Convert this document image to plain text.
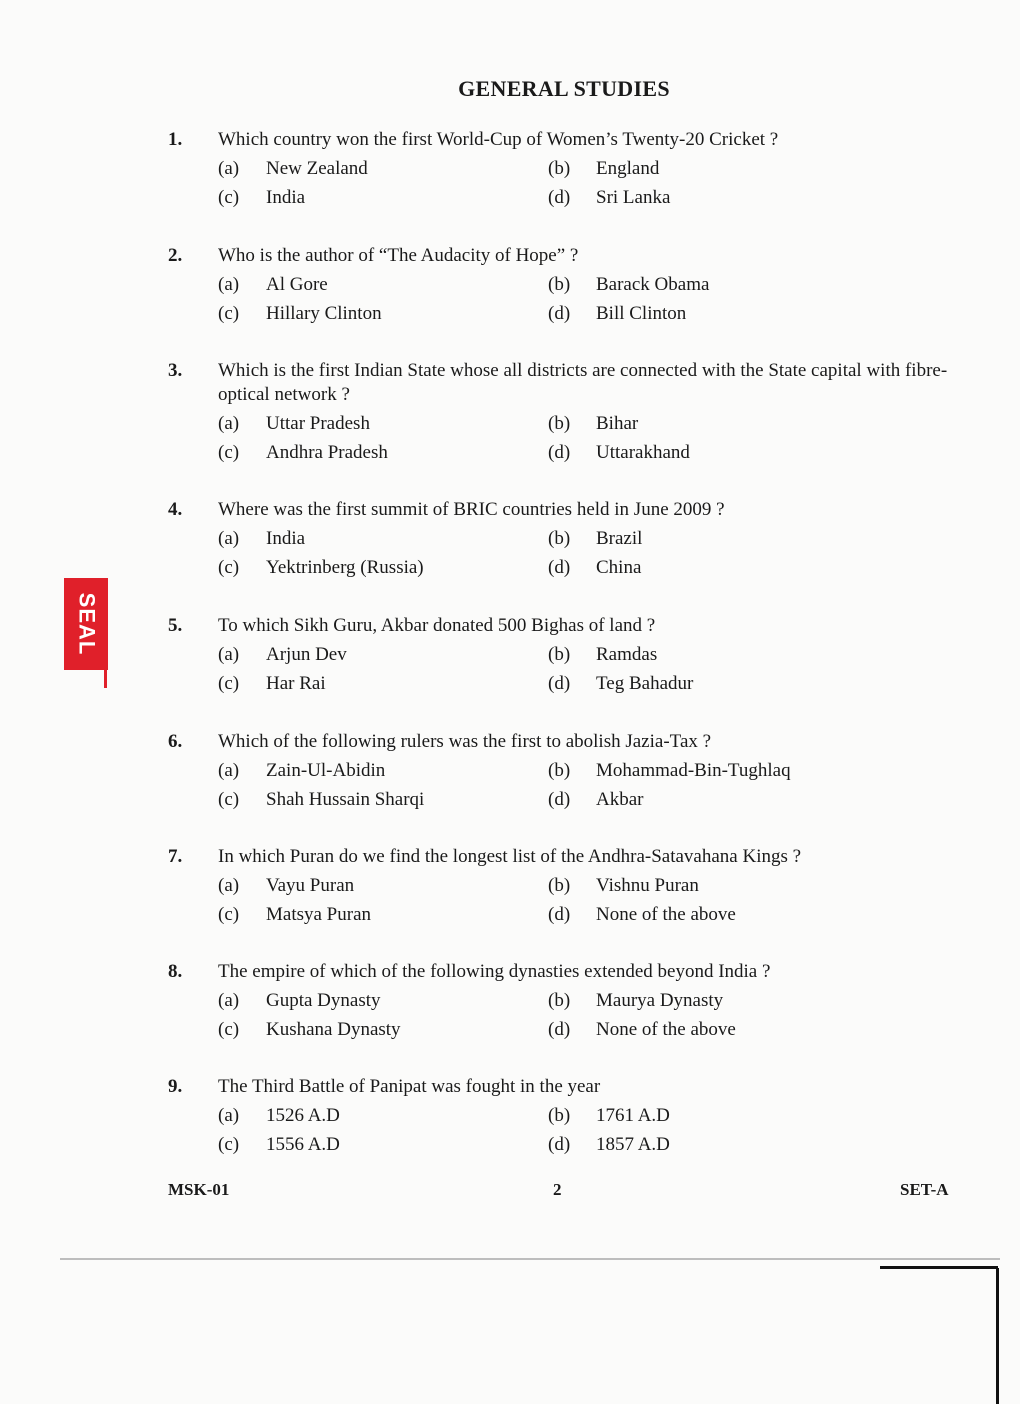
GENERAL STUDIES
SEAL
1.	Which country won the first World-Cup of Women’s Twenty-20 Cricket ?
(a)	New Zealand	(b)	England
(c)	India	(d)	Sri Lanka
2.	Who is the author of “The Audacity of Hope” ?
(a)	Al Gore	(b)	Barack Obama
(c)	Hillary Clinton	(d)	Bill Clinton
3.	Which is the first Indian State whose all districts are connected with the State capital with fibre-optical network ?
(a)	Uttar Pradesh	(b)	Bihar
(c)	Andhra Pradesh	(d)	Uttarakhand
4.	Where was the first summit of BRIC countries held in June 2009 ?
(a)	India	(b)	Brazil
(c)	Yektrinberg (Russia)	(d)	China
5.	To which Sikh Guru, Akbar donated 500 Bighas of land ?
(a)	Arjun Dev	(b)	Ramdas
(c)	Har Rai	(d)	Teg Bahadur
6.	Which of the following rulers was the first to abolish Jazia-Tax ?
(a)	Zain-Ul-Abidin	(b)	Mohammad-Bin-Tughlaq
(c)	Shah Hussain Sharqi	(d)	Akbar
7.	In which Puran do we find the longest list of the Andhra-Satavahana Kings ?
(a)	Vayu Puran	(b)	Vishnu Puran
(c)	Matsya Puran	(d)	None of the above
8.	The empire of which of the following dynasties extended beyond India ?
(a)	Gupta Dynasty	(b)	Maurya Dynasty
(c)	Kushana Dynasty	(d)	None of the above
9.	The Third Battle of Panipat was fought in the year
(a)	1526 A.D	(b)	1761 A.D
(c)	1556 A.D	(d)	1857 A.D
MSK-01	2	SET-A
